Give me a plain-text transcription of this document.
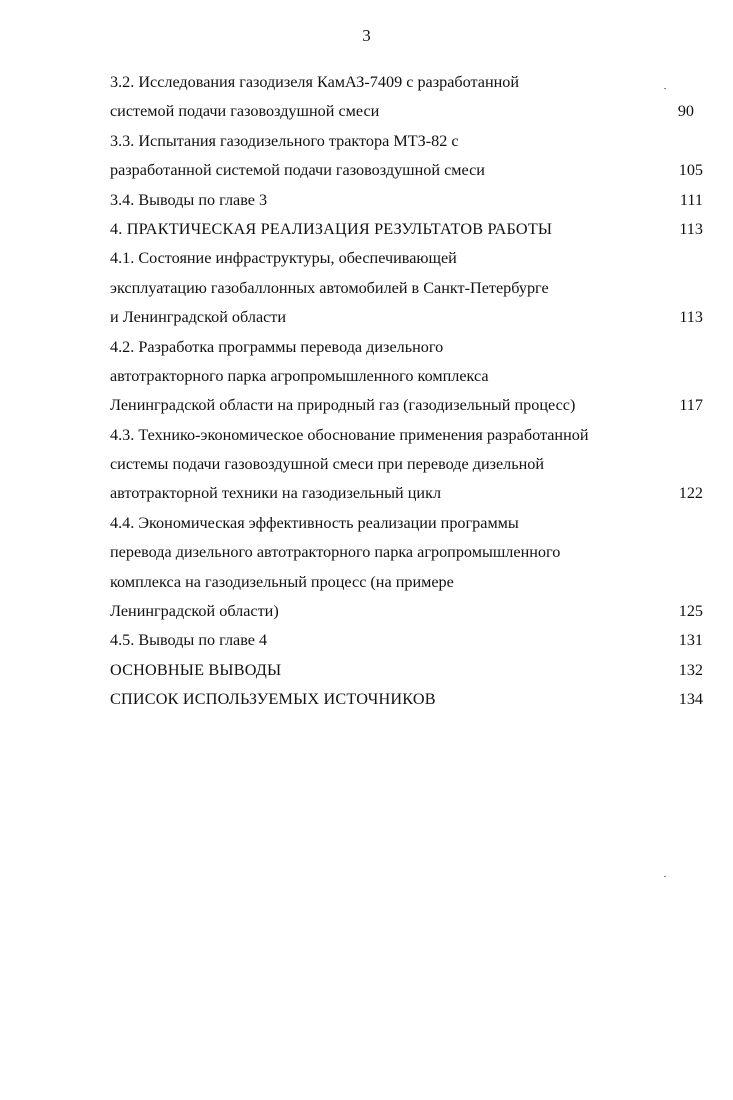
3
3.2. Исследования газодизеля КамАЗ-7409 с разработанной
системой подачи газовоздушной смеси	90
3.3. Испытания газодизельного трактора МТЗ-82 с
разработанной системой подачи газовоздушной смеси	105
3.4. Выводы по главе 3	111
4. ПРАКТИЧЕСКАЯ РЕАЛИЗАЦИЯ РЕЗУЛЬТАТОВ РАБОТЫ	113
4.1. Состояние инфраструктуры, обеспечивающей
эксплуатацию газобаллонных автомобилей в Санкт-Петербурге
и Ленинградской области	113
4.2. Разработка программы перевода дизельного
автотракторного парка агропромышленного комплекса
Ленинградской области на природный газ (газодизельный процесс)	117
4.3. Технико-экономическое обоснование применения разработанной
системы подачи газовоздушной смеси при переводе дизельной
автотракторной техники на газодизельный цикл	122
4.4. Экономическая эффективность реализации программы
перевода дизельного автотракторного парка агропромышленного
комплекса на газодизельный процесс (на примере
Ленинградской области)	125
4.5. Выводы по главе 4	131
ОСНОВНЫЕ ВЫВОДЫ	132
СПИСОК ИСПОЛЬЗУЕМЫХ ИСТОЧНИКОВ	134
